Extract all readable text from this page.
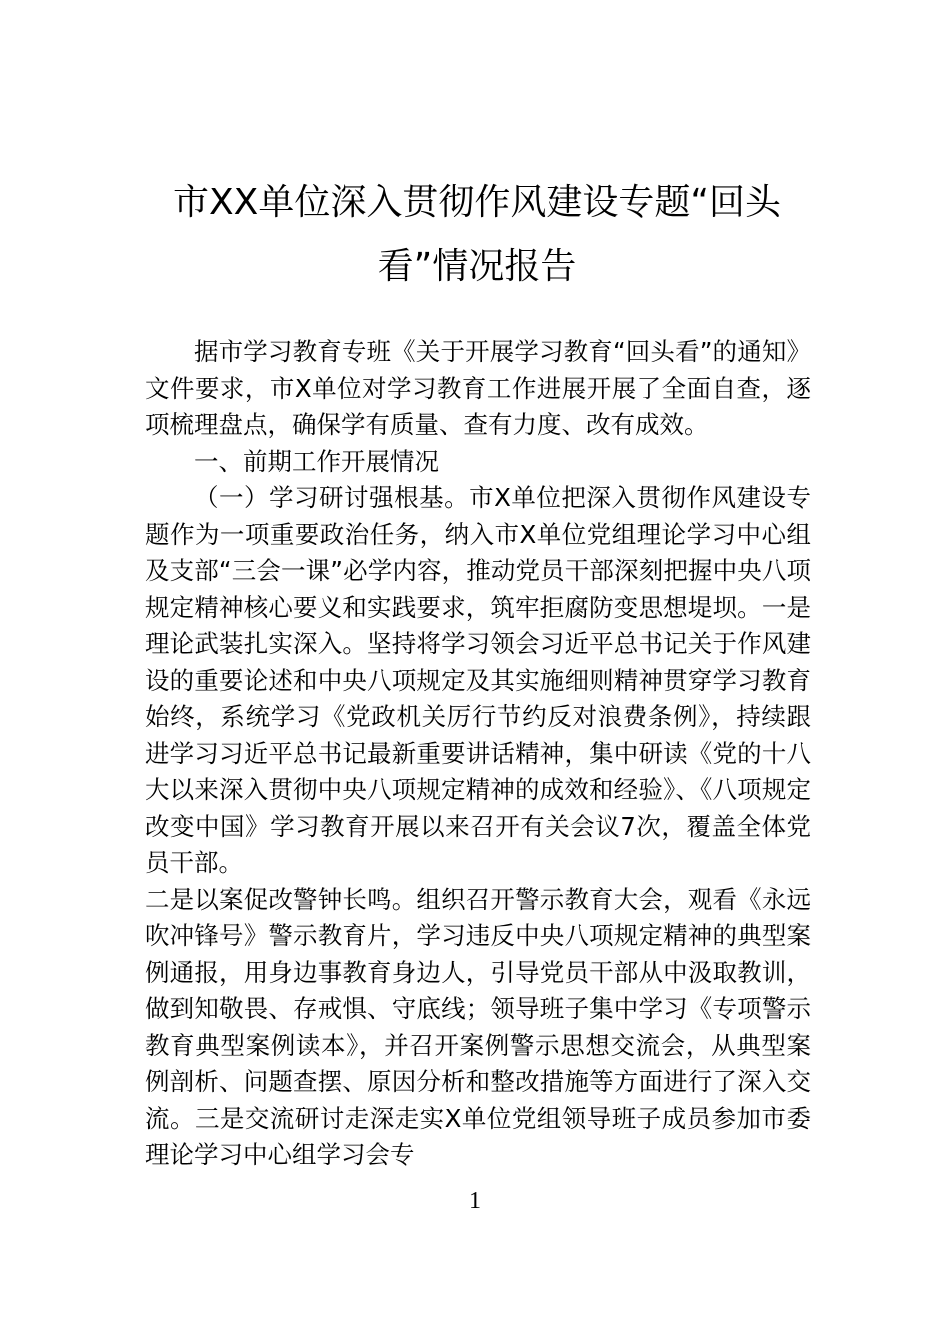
市XX单位深入贯彻作风建设专题“回头看”情况报告

据市学习教育专班《关于开展学习教育“回头看”的通知》文件要求，市X单位对学习教育工作进展开展了全面自查，逐项梳理盘点，确保学有质量、查有力度、改有成效。

一、前期工作开展情况

（一）学习研讨强根基。市X单位把深入贯彻作风建设专题作为一项重要政治任务，纳入市X单位党组理论学习中心组及支部“三会一课”必学内容，推动党员干部深刻把握中央八项规定精神核心要义和实践要求，筑牢拒腐防变思想堤坝。一是理论武装扎实深入。坚持将学习领会习近平总书记关于作风建设的重要论述和中央八项规定及其实施细则精神贯穿学习教育始终，系统学习《党政机关厉行节约反对浪费条例》，持续跟进学习习近平总书记最新重要讲话精神，集中研读《党的十八大以来深入贯彻中央八项规定精神的成效和经验》、《八项规定改变中国》学习教育开展以来召开有关会议7次，覆盖全体党员干部。

二是以案促改警钟长鸣。组织召开警示教育大会，观看《永远吹冲锋号》警示教育片，学习违反中央八项规定精神的典型案例通报，用身边事教育身边人，引导党员干部从中汲取教训，做到知敬畏、存戒惧、守底线；领导班子集中学习《专项警示教育典型案例读本》，并召开案例警示思想交流会，从典型案例剖析、问题查摆、原因分析和整改措施等方面进行了深入交流。三是交流研讨走深走实X单位党组领导班子成员参加市委理论学习中心组学习会专

1
